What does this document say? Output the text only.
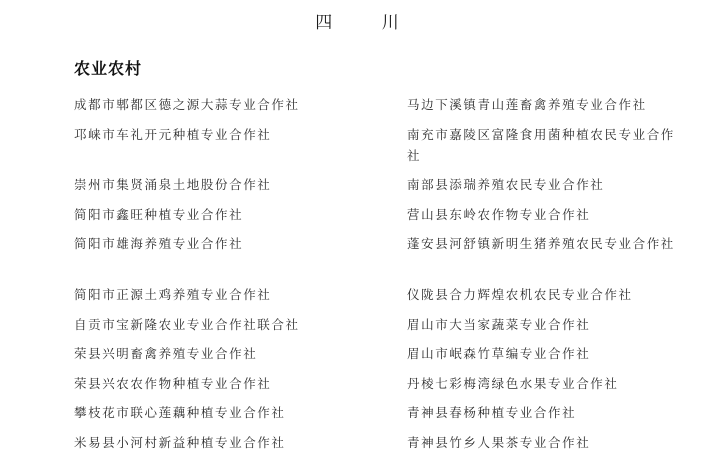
四 川
农业农村
成都市郫都区德之源大蒜专业合作社
邛崃市车礼开元种植专业合作社
崇州市集贤涌泉土地股份合作社
简阳市鑫旺种植专业合作社
简阳市雄海养殖专业合作社
简阳市正源土鸡养殖专业合作社
自贡市宝新隆农业专业合作社联合社
荣县兴明畜禽养殖专业合作社
荣县兴农农作物种植专业合作社
攀枝花市联心莲藕种植专业合作社
米易县小河村新益种植专业合作社
马边下溪镇青山莲畜禽养殖专业合作社
南充市嘉陵区富隆食用菌种植农民专业合作社
南部县添瑞养殖农民专业合作社
营山县东岭农作物专业合作社
蓬安县河舒镇新明生猪养殖农民专业合作社
仪陇县合力辉煌农机农民专业合作社
眉山市大当家蔬菜专业合作社
眉山市岷森竹草编专业合作社
丹棱七彩梅湾绿色水果专业合作社
青神县春杨种植专业合作社
青神县竹乡人果茶专业合作社
